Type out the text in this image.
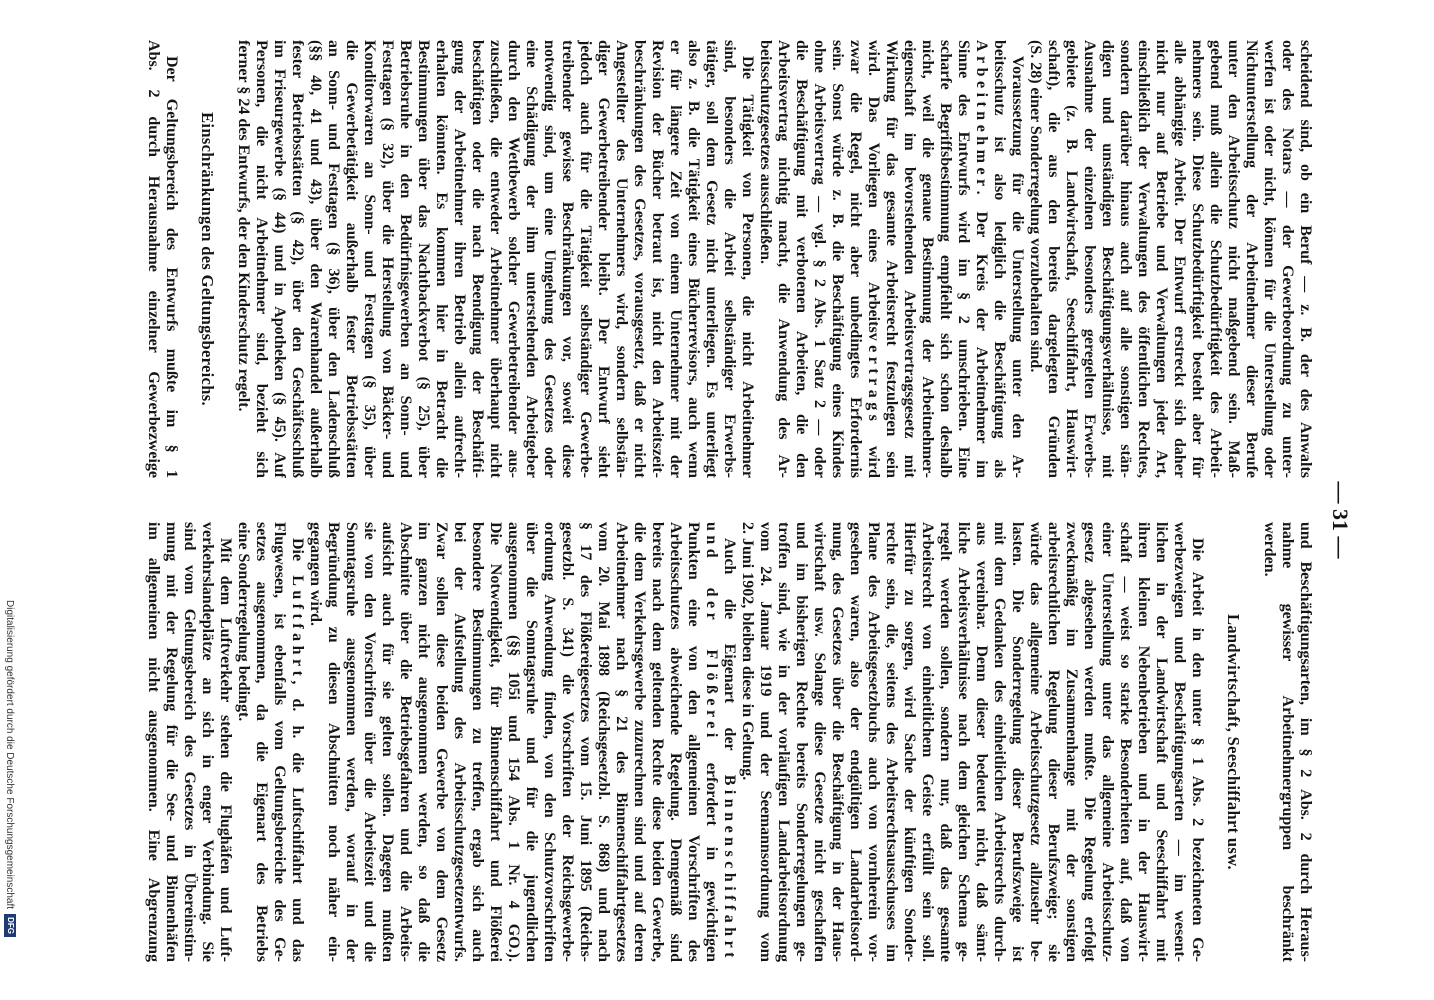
— 31 —
scheidend sind, ob ein Beruf — z. B. der des Anwalts
oder des Notars — der Gewerbeordnung zu unter-
werfen ist oder nicht, können für die Unterstellung oder
Nichtunterstellung der Arbeitnehmer dieser Berufe
unter den Arbeitsschutz nicht maßgebend sein. Maß-
gebend muß allein die Schutzbedürftigkeit des Arbeit-
nehmers sein. Diese Schutzbedürftigkeit besteht aber für
alle abhängige Arbeit. Der Entwurf erstreckt sich daher
nicht nur auf Betriebe und Verwaltungen jeder Art,
einschließlich der Verwaltungen des öffentlichen Rechtes,
sondern darüber hinaus auch auf alle sonstigen stän-
digen und unständigen Beschäftigungsverhältnisse, mit
Ausnahme der einzelnen besonders geregelten Erwerbs-
gebiete (z. B. Landwirtschaft, Seeschiffahrt, Hauswirt-
schaft), die aus den bereits dargelegten Gründen
(S. 28) einer Sonderregelung vorzubehalten sind.
Voraussetzung für die Unterstellung unter den Ar-
beitsschutz ist also lediglich die Beschäftigung als
Arbeitnehmer. Der Kreis der Arbeitnehmer im
Sinne des Entwurfs wird im § 2 umschrieben. Eine
scharfe Begriffsbestimmung empfiehlt sich schon deshalb
nicht, weil die genaue Bestimmung der Arbeitnehmer-
eigenschaft im bevorstehenden Arbeitsvertragsgesetz mit
Wirkung für das gesamte Arbeitsrecht festzulegen sein
wird. Das Vorliegen eines Arbeitsvertrags wird
zwar die Regel, nicht aber unbedingtes Erfordernis
sein. Sonst würde z. B. die Beschäftigung eines Kindes
ohne Arbeitsvertrag — vgl. § 2 Abs. 1 Satz 2 — oder
die Beschäftigung mit verbotenen Arbeiten, die den
Arbeitsvertrag nichtig macht, die Anwendung des Ar-
beitsschutzgesetzes ausschließen.
Die Tätigkeit von Personen, die nicht Arbeitnehmer
sind, besonders die Arbeit selbständiger Erwerbs-
tätiger, soll dem Gesetz nicht unterliegen. Es unterliegt
also z. B. die Tätigkeit eines Bücherrevisors, auch wenn
er für längere Zeit von einem Unternehmer mit der
Revision der Bücher betraut ist, nicht den Arbeitszeit-
beschränkungen des Gesetzes, vorausgesetzt, daß er nicht
Angestellter des Unternehmers wird, sondern selbstän-
diger Gewerbetreibender bleibt. Der Entwurf sieht
jedoch auch für die Tätigkeit selbständiger Gewerbe-
treibender gewisse Beschränkungen vor, soweit diese
notwendig sind, um eine Umgehung des Gesetzes oder
eine Schädigung der ihm unterstehenden Arbeitgeber
durch den Wettbewerb solcher Gewerbetreibender aus-
zuschließen, die entweder Arbeitnehmer überhaupt nicht
beschäftigen oder die nach Beendigung der Beschäfti-
gung der Arbeitnehmer ihren Betrieb allein aufrecht-
erhalten könnten. Es kommen hier in Betracht die
Bestimmungen über das Nachtbackverbot (§ 25), über
Betriebsruhe in den Bedürfnisgewerben an Sonn- und
Festtagen (§ 32), über die Herstellung von Bäcker- und
Konditorwaren an Sonn- und Festtagen (§ 35), über
die Gewerbetätigkeit außerhalb fester Betriebsstätten
an Sonn- und Festtagen (§ 36), über den Ladenschluß
(§§ 40, 41 und 43), über den Warenhandel außerhalb
fester Betriebsstätten (§ 42), über den Geschäftsschluß
im Friseurgewerbe (§ 44) und in Apotheken (§ 45). Auf
Personen, die nicht Arbeitnehmer sind, bezieht sich
ferner § 24 des Entwurfs, der den Kinderschutz regelt.
Einschränkungen des Geltungsbereichs.
Der Geltungsbereich des Entwurfs mußte im § 1
Abs. 2 durch Herausnahme einzelner Gewerbezweige
und Beschäftigungsarten, im § 2 Abs. 2 durch Heraus-
nahme gewisser Arbeitnehmergruppen beschränkt
werden.
Landwirtschaft, Seeschiffahrt usw.
Die Arbeit in den unter § 1 Abs. 2 bezeichneten Ge-
werbezweigen und Beschäftigungsarten — im wesent-
lichen in der Landwirtschaft und Seeschiffahrt mit
ihren kleinen Nebenbetrieben und in der Hauswirt-
schaft — weist so starke Besonderheiten auf, daß von
einer Unterstellung unter das allgemeine Arbeitsschutz-
gesetz abgesehen werden mußte. Die Regelung erfolgt
zweckmäßig im Zusammenhange mit der sonstigen
arbeitsrechtlichen Regelung dieser Berufszweige; sie
würde das allgemeine Arbeitsschutzgesetz allzusehr be-
lasten. Die Sonderregelung dieser Berufszweige ist
mit dem Gedanken des einheitlichen Arbeitsrechts durch-
aus vereinbar. Denn dieser bedeutet nicht, daß sämt-
liche Arbeitsverhältnisse nach dem gleichen Schema ge-
regelt werden sollen, sondern nur, daß das gesamte
Arbeitsrecht von einheitlichem Geiste erfüllt sein soll.
Hierfür zu sorgen, wird Sache der künftigen Sonder-
rechte sein, die, seitens des Arbeitsrechtsausschusses im
Plane des Arbeitsgesetzbuchs auch von vornherein vor-
gesehen waren, also der endgültigen Landarbeitsord-
nung, des Gesetzes über die Beschäftigung in der Haus-
wirtschaft usw. Solange diese Gesetze nicht geschaffen
und im bisherigen Rechte bereits Sonderregelungen ge-
troffen sind, wie in der vorläufigen Landarbeitsordnung
vom 24. Januar 1919 und der Seemannsordnung vom
2. Juni 1902, bleiben diese in Geltung.
Auch die Eigenart der Binnenschiffahrt
und der Flößerei erfordert in gewichtigen
Punkten eine von den allgemeinen Vorschriften des
Arbeitsschutzes abweichende Regelung. Demgemäß sind
bereits nach dem geltenden Rechte diese beiden Gewerbe,
die dem Verkehrsgewerbe zuzurechnen sind und auf deren
Arbeitnehmer nach § 21 des Binnenschiffahrtgesetzes
vom 20. Mai 1898 (Reichsgesetzbl. S. 868) und nach
§ 17 des Flößereigesetzes vom 15. Juni 1895 (Reichs-
gesetzbl. S. 341) die Vorschriften der Reichsgewerbe-
ordnung Anwendung finden, von den Schutzvorschriften
über die Sonntagsruhe und für die jugendlichen
ausgenommen (§§ 105i und 154 Abs. 1 Nr. 4 GO.).
Die Notwendigkeit, für Binnenschiffahrt und Flößerei
besondere Bestimmungen zu treffen, ergab sich auch
bei der Aufstellung des Arbeitsschutzgesetzentwurfs.
Zwar sollen diese beiden Gewerbe von dem Gesetz
im ganzen nicht ausgenommen werden, so daß die
Abschnitte über die Betriebsgefahren und die Arbeits-
aufsicht auch für sie gelten sollen. Dagegen mußten
sie von den Vorschriften über die Arbeitszeit und die
Sonntagsruhe ausgenommen werden, worauf in der
Begründung zu diesen Abschnitten noch näher ein-
gegangen wird.
Die Luftfahrt, d. h. die Luftschiffahrt und das
Flugwesen, ist ebenfalls vom Geltungsbereiche des Ge-
setzes ausgenommen, da die Eigenart des Betriebs
eine Sonderregelung bedingt.
Mit dem Luftverkehr stehen die Flughäfen und Luft-
verkehrslandeplätze an sich in enger Verbindung. Sie
sind vom Geltungsbereich des Gesetzes in Übereinstim-
mung mit der Regelung für die See- und Binnenhäfen
im allgemeinen nicht ausgenommen. Eine Abgrenzung
Digitalisierung gefördert durch die Deutsche ForschungsgemeinschaftDFG
